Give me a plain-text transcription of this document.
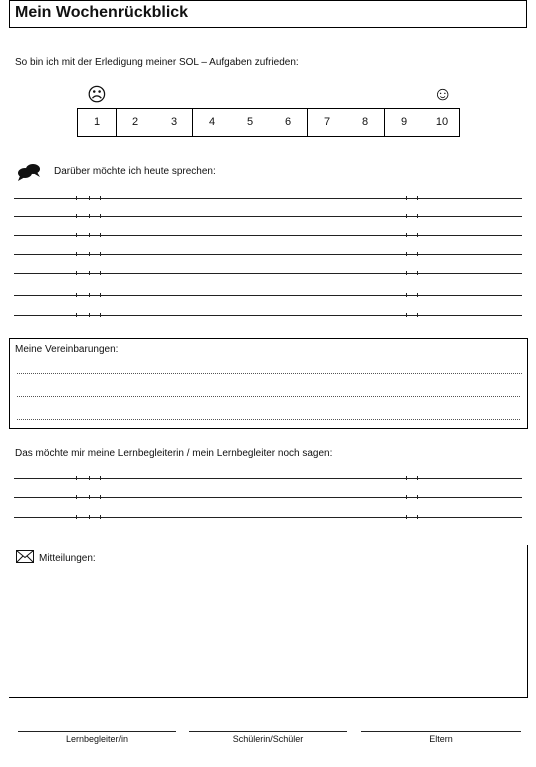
Mein Wochenrückblick
So bin ich mit der Erledigung meiner SOL – Aufgaben zufrieden:
☹	☺
1	2	3	4	5	6	7	8	9	10
Darüber möchte ich heute sprechen:
Meine Vereinbarungen:
Das möchte mir meine Lernbegleiterin / mein Lernbegleiter noch sagen:
Mitteilungen:
Lernbegleiter/in	Schülerin/Schüler	Eltern
